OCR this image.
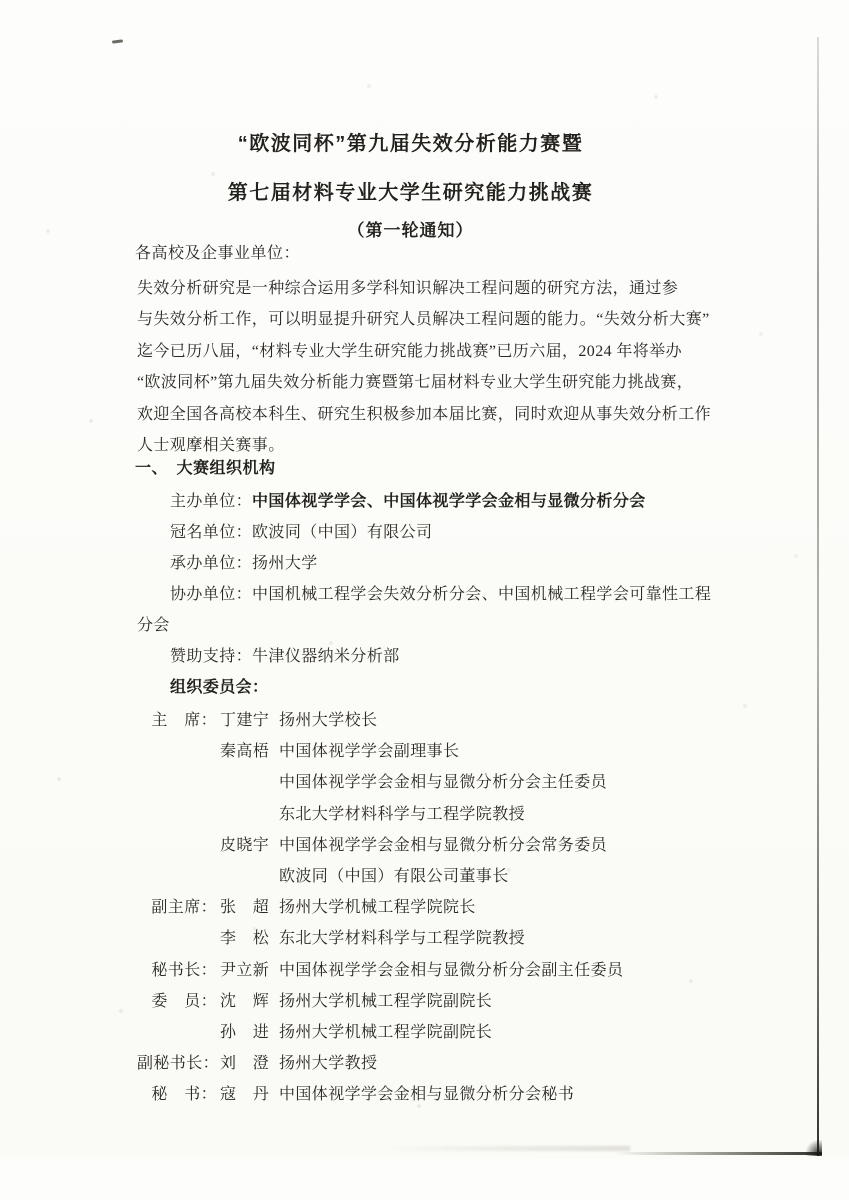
“欧波同杯”第九届失效分析能力赛暨
第七届材料专业大学生研究能力挑战赛
（第一轮通知）
各高校及企事业单位：
失效分析研究是一种综合运用多学科知识解决工程问题的研究方法，通过参
与失效分析工作，可以明显提升研究人员解决工程问题的能力。“失效分析大赛”
迄今已历八届，“材料专业大学生研究能力挑战赛”已历六届，2024 年将举办
“欧波同杯”第九届失效分析能力赛暨第七届材料专业大学生研究能力挑战赛，
欢迎全国各高校本科生、研究生积极参加本届比赛，同时欢迎从事失效分析工作
人士观摩相关赛事。
一、　大赛组织机构
主办单位：中国体视学学会、中国体视学学会金相与显微分析分会
冠名单位：欧波同（中国）有限公司
承办单位：扬州大学
协办单位：中国机械工程学会失效分析分会、中国机械工程学会可靠性工程
分会
赞助支持：牛津仪器纳米分析部
组织委员会：
主　席： 丁建宁 扬州大学校长
秦高梧 中国体视学学会副理事长
中国体视学学会金相与显微分析分会主任委员
东北大学材料科学与工程学院教授
皮晓宇 中国体视学学会金相与显微分析分会常务委员
欧波同（中国）有限公司董事长
副主席： 张　超 扬州大学机械工程学院院长
李　松 东北大学材料科学与工程学院教授
秘书长： 尹立新 中国体视学学会金相与显微分析分会副主任委员
委　员： 沈　辉 扬州大学机械工程学院副院长
孙　进 扬州大学机械工程学院副院长
副秘书长： 刘　澄 扬州大学教授
秘　书： 寇　丹 中国体视学学会金相与显微分析分会秘书
